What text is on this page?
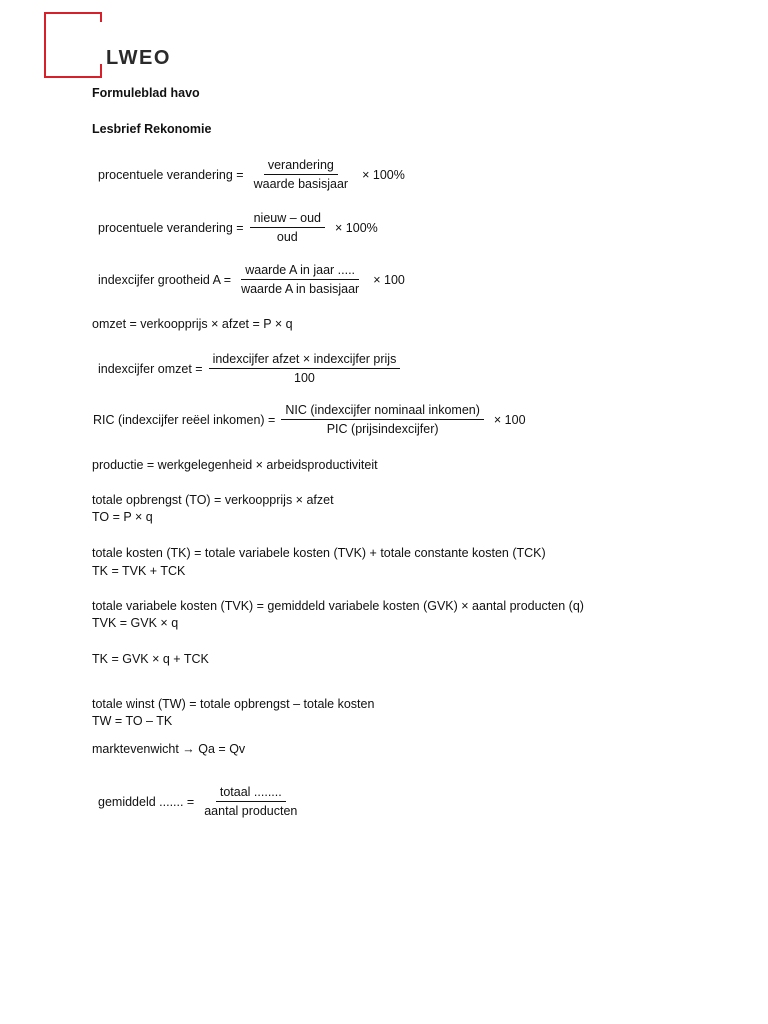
LWEO
Formuleblad havo
Lesbrief Rekonomie
procentuele verandering = $\frac{\text{verandering}}{\text{waarde basisjaar}} \times 100\%$
procentuele verandering = $\frac{\text{nieuw – oud}}{\text{oud}} \times 100\%$
indexcijfer grootheid $A = \frac{\text{waarde A in jaar .....}}{\text{waarde A in basisjaar}} \times 100$
omzet = verkoopprijs × afzet = P × q
indexcijfer omzet = $\frac{\text{indexcijfer afzet × indexcijfer prijs}}{100}$
RIC (indexcijfer reëel inkomen) = $\frac{\text{NIC (indexcijfer nominaal inkomen)}}{\text{PIC (prijsindexcijfer)}} \times 100$
productie = werkgelegenheid × arbeidsproductiviteit
totale opbrengst (TO) = verkoopprijs × afzet
TO = P × q
totale kosten (TK) = totale variabele kosten (TVK) + totale constante kosten (TCK)
TK = TVK + TCK
totale variabele kosten (TVK) = gemiddeld variabele kosten (GVK) × aantal producten (q)
TVK = GVK × q
TK = GVK × q + TCK
totale winst (TW) = totale opbrengst – totale kosten
TW = TO – TK
marktevenwicht → Qa = Qv
gemiddeld ....... = $\frac{\text{totaal ........}}{\text{aantal producten}}$
